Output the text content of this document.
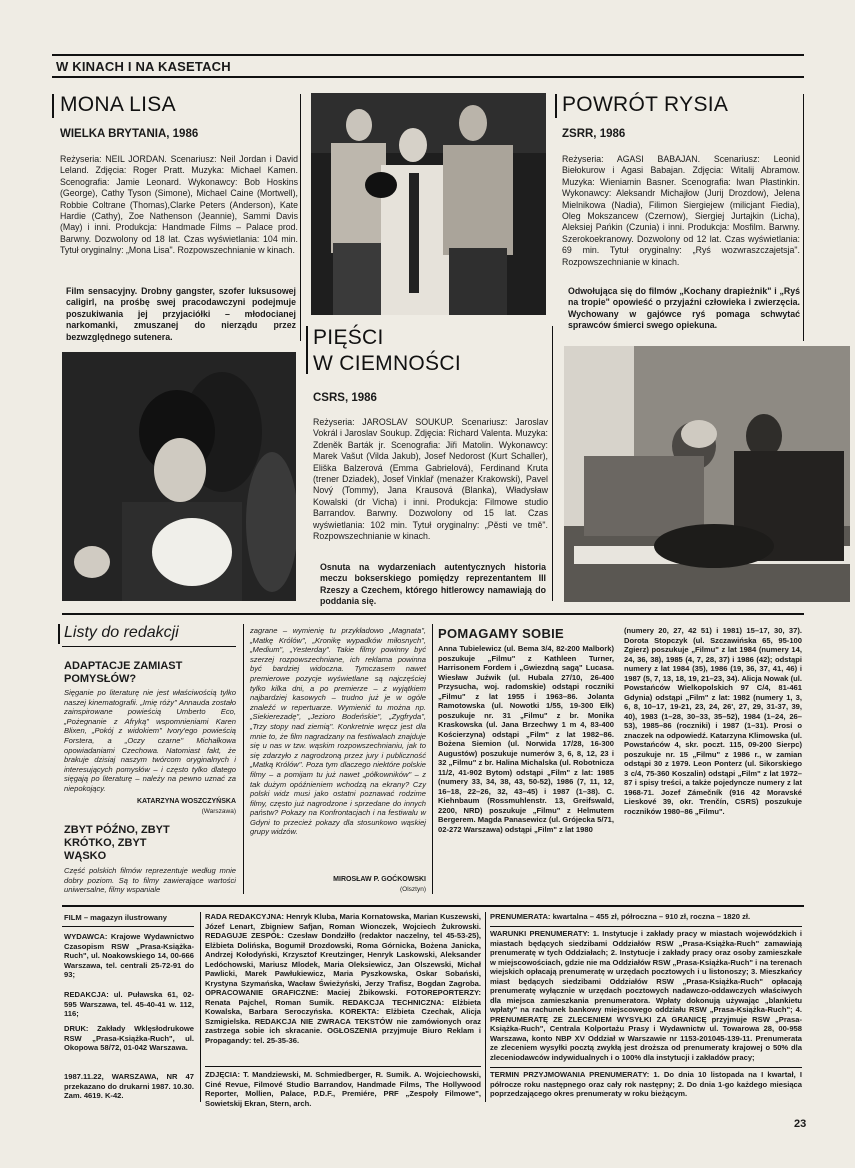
W KINACH I NA KASETACH
MONA LISA
WIELKA BRYTANIA, 1986
Reżyseria: NEIL JORDAN. Scenariusz: Neil Jordan i David Leland. Zdjęcia: Roger Pratt. Muzyka: Michael Kamen. Scenografia: Jamie Leonard. Wykonawcy: Bob Hoskins (George), Cathy Tyson (Simone), Michael Caine (Mortwell), Robbie Coltrane (Thomas),Clarke Peters (Anderson), Kate Hardie (Cathy), Zoe Nathenson (Jeannie), Sammi Davis (May) i inni. Produkcja: Handmade Films – Palace prod. Barwny. Dozwolony od 18 lat. Czas wyświetlania: 104 min. Tytuł oryginalny: „Mona Lisa". Rozpowszechnianie w kinach.
Film sensacyjny. Drobny gangster, szofer luksusowej caligirl, na prośbę swej pracodawczyni podejmuje poszukiwania jej przyjaciółki – młodocianej narkomanki, zmuszanej do nierządu przez bezwzględnego sutenera.	PIĘŚCI
W CIEMNOŚCI
CSRS, 1986
Reżyseria: JAROSLAV SOUKUP. Scenariusz: Jaroslav Vokrál i Jaroslav Soukup. Zdjęcia: Richard Valenta. Muzyka: Zdeněk Barták jr. Scenografia: Jiři Matolin. Wykonawcy: Marek Vašut (Vilda Jakub), Josef Nedorost (Kurt Schaller), Eliška Balzerová (Emma Gabrielová), Ferdinand Kruta (trener Dziadek), Josef Vinklař (menażer Krakowski), Pavel Nový (Tommy), Jana Krausová (Blanka), Władysław Kowalski (dr Vicha) i inni. Produkcja: Filmowe studio Barrandov. Barwny. Dozwolony od 15 lat. Czas wyświetlania: 102 min. Tytuł oryginalny: „Pěsti ve tmě". Rozpowszechnianie w kinach.
Osnuta na wydarzeniach autentycznych historia meczu bokserskiego pomiędzy reprezentantem III Rzeszy a Czechem, którego hitlerowcy namawiają do poddania się.
POWRÓT RYSIA
ZSRR, 1986
Reżyseria: AGASI BABAJAN. Scenariusz: Leonid Biełokurow i Agasi Babajan. Zdjęcia: Witalij Abramow. Muzyka: Wieniamin Basner. Scenografia: Iwan Płastinkin. Wykonawcy: Aleksandr Michajłow (Jurij Drozdow), Jelena Mielnikowa (Nadia), Filimon Siergiejew (milicjant Fiedia), Oleg Mokszancew (Czernow), Siergiej Jurtajkin (Licha), Aleksiej Pańkin (Czunia) i inni. Produkcja: Mosfilm. Barwny. Szerokoekranowy. Dozwolony od 12 lat. Czas wyświetlania: 69 min. Tytuł oryginalny: „Ryś wozwraszczajetsja". Rozpowszechnianie w kinach.
Odwołująca się do filmów „Kochany drapieżnik" i „Ryś na tropie" opowieść o przyjaźni człowieka i zwierzęcia. Wychowany w gajówce ryś pomaga schwytać sprawców śmierci swego opiekuna.
Listy do redakcji
ADAPTACJE ZAMIAST POMYSŁÓW?
Sięganie po literaturę nie jest właściwością tylko naszej kinematografii. „Imię róży" Annauda zostało zainspirowane powieścią Umberto Eco, „Pożegnanie z Afryką" wspomnieniami Karen Blixen, „Pokój z widokiem" Ivory'ego powieścią Forstera, a „Oczy czarne" Michałkowa opowiadaniami Czechowa. Natomiast fakt, że brakuje dzisiaj naszym twórcom oryginalnych i interesujących pomysłów – i często tylko dlatego sięgają po literaturę – należy na pewno uznać za niepokojący.
KATARZYNA WOSZCZYŃSKA
(Warszawa)
ZBYT PÓŹNO, ZBYT KRÓTKO, ZBYT WĄSKO
Część polskich filmów reprezentuje według mnie dobry poziom. Są to filmy zawierające wartości uniwersalne, filmy wspaniale
zagrane – wymienię tu przykładowo „Magnata", „Matkę Królów", „Kronikę wypadków miłosnych", „Medium", „Yesterday". Takie filmy powinny być szerzej rozpowszechniane, ich reklama powinna być bardziej widoczna. Tymczasem nawet premierowe pozycje wyświetlane są najczęściej tylko kilka dni, a po premierze – z wyjątkiem najbardziej kasowych – trudno już je w ogóle znaleźć w repertuarze. Wymienić tu można np. „Siekierezadę", „Jezioro Bodeńskie", „Zygfryda", „Trzy stopy nad ziemią". Konkretnie wręcz jest dla mnie to, że film nagradzany na festiwalach znajduje się u nas w tzw. wąskim rozpowszechnianiu, jak to się zdarzyło z nagrodzoną przez jury i publiczność „Matką Królów". Poza tym dlaczego niektóre polskie filmy – a pomijam tu już nawet „półkowników" – z tak dużym opóźnieniem wchodzą na ekrany? Czy polski widz musi jako ostatni poznawać rodzime filmy, często już nagrodzone i sprzedane do innych państw? Pokazy na Konfrontacjach i na festiwalu w Gdyni to przecież pokazy dla stosunkowo wąskiej grupy widzów.
MIROSŁAW P. GOĆKOWSKI
(Olsztyn)
POMAGAMY SOBIE
Anna Tubielewicz (ul. Bema 3/4, 82-200 Malbork) poszukuje „Filmu" z Kathleen Turner, Harrisonem Fordem i „Gwiezdną sagą" Lucasa. Wiesław Juźwik (ul. Hubala 27/10, 26-400 Przysucha, woj. radomskie) odstąpi roczniki „Filmu" z lat 1955 i 1963–86. Jolanta Ramotowska (ul. Nowotki 1/55, 19-300 Ełk) poszukuje nr. 31 „Filmu" z br. Monika Kraskowska (ul. Jana Brzechwy 1 m 4, 83-400 Kościerzyna) odstąpi „Film" z lat 1982–86. Bożena Siemion (ul. Norwida 17/28, 16-300 Augustów) poszukuje numerów 3, 6, 8, 12, 23 i 32 „Filmu" z br. Halina Michalska (ul. Robotnicza 11/2, 41-902 Bytom) odstąpi „Film" z lat: 1985 (numery 33, 34, 38, 43, 50-52), 1986 (7, 11, 12, 16–18, 22–26, 32, 43–45) i 1987 (1–38). C. Kiehnbaum (Rossmuhlenstr. 13, Greifswald, 2200, NRD) poszukuje „Filmu" z Helmutem Bergerem. Magda Panasewicz (ul. Grójecka 5/71, 02-272 Warszawa) odstąpi „Film" z lat 1980
(numery 20, 27, 42 51) i 1981) 15–17, 30, 37). Dorota Stopczyk (ul. Szczawińska 65, 95-100 Zgierz) poszukuje „Filmu" z lat 1984 (numery 14, 24, 36, 38), 1985 (4, 7, 28, 37) i 1986 (42); odstąpi numery z lat 1984 (35), 1986 (19, 36, 37, 41, 46) i 1987 (5, 7, 13, 18, 19, 21–23, 34). Alicja Nowak (ul. Powstańców Wielkopolskich 97 C/4, 81-461 Gdynia) odstąpi „Film" z lat: 1982 (numery 1, 3, 6, 8, 10–17, 19-21, 23, 24, 26', 27, 29, 31-37, 39, 40), 1983 (1–28, 30–33, 35–52), 1984 (1–24, 26–53), 1985–86 (roczniki) i 1987 (1–31). Prosi o znaczek na odpowiedź. Katarzyna Klimowska (ul. Powstańców 4, skr. poczt. 115, 09-200 Sierpc) poszukuje nr. 15 „Filmu" z 1986 r., w zamian odstąpi 30 z 1979. Leon Ponterz (ul. Sikorskiego 3 c/4, 75-360 Koszalin) odstąpi „Film" z lat 1972–87 i spisy treści, a także pojedyncze numery z lat 1968-71. Jozef Zámečník (916 42 Moravské Lieskové 39, okr. Trenčín, CSRS) poszukuje roczników 1980–86 „Filmu".
FILM – magazyn ilustrowany
WYDAWCA: Krajowe Wydawnictwo Czasopism RSW „Prasa-Książka-Ruch", ul. Noakowskiego 14, 00-666 Warszawa, tel. centrali 25-72-91 do 93;
REDAKCJA: ul. Puławska 61, 02-595 Warszawa, tel. 45-40-41 w. 112, 116;
DRUK: Zakłady Wklęsłodrukowe RSW „Prasa-Książka-Ruch", ul. Okopowa 58/72, 01-042 Warszawa.
1987.11.22, WARSZAWA, NR 47 przekazano do drukarni 1987. 10.30. Zam. 4619. K-42.
RADA REDAKCYJNA: Henryk Kluba, Maria Kornatowska, Marian Kuszewski, Józef Lenart, Zbigniew Safjan, Roman Wionczek, Wojciech Żukrowski. REDAGUJE ZESPÓŁ: Czesław Dondziłło (redaktor naczelny, tel 45-53-25), Elżbieta Dolińska, Bogumił Drozdowski, Roma Górnicka, Bożena Janicka, Andrzej Kołodyński, Krzysztof Kreutzinger, Henryk Laskowski, Aleksander Ledóchowski, Mariusz Mlodek, Maria Oleksiewicz, Jan Olszewski, Michał Pawlicki, Marek Pawłukiewicz, Maria Pyszkowska, Oskar Sobański, Krystyna Szymańska, Wacław Świeżyński, Jerzy Trafisz, Bogdan Zagroba. OPRACOWANIE GRAFICZNE: Maciej Żbikowski. FOTOREPORTERZY: Renata Pajchel, Roman Sumik. REDAKCJA TECHNICZNA: Elżbieta Kowalska, Barbara Seroczyńska. KOREKTA: Elżbieta Czechak, Alicja Szmigielska. REDAKCJA NIE ZWRACA TEKSTÓW nie zamówionych oraz zastrzega sobie ich skracanie. OGŁOSZENIA przyjmuje Biuro Reklam i Propagandy: tel. 25-35-36.
ZDJĘCIA: T. Mandziewski, M. Schmiedberger, R. Sumik. A. Wojciechowski, Ciné Revue, Filmové Studio Barrandov, Handmade Films, The Hollywood Reporter, Mollien, Palace, P.D.F., Premiére, PRF „Zespoły Filmowe", Sowietskij Ekran, Stern, arch.
PRENUMERATA: kwartalna – 455 zł, półroczna – 910 zł, roczna – 1820 zł.
WARUNKI PRENUMERATY: 1. Instytucje i zakłady pracy w miastach wojewódzkich i miastach będących siedzibami Oddziałów RSW „Prasa-Książka-Ruch" zamawiają prenumeratę w tych Oddziałach; 2. Instytucje i zakłady pracy oraz osoby zamieszkałe w miejscowościach, gdzie nie ma Oddziałów RSW „Prasa-Książka-Ruch" i na terenach wiejskich opłacają prenumeratę w urzędach pocztowych i u listonoszy; 3. Mieszkańcy miast będących siedzibami Oddziałów RSW „Prasa-Książka-Ruch" opłacają prenumeratę wyłącznie w urzędach pocztowych nadawczo-oddawczych właściwych dla miejsca zamieszkania prenumeratora. Wpłaty dokonują używając „blankietu wpłaty" na rachunek bankowy miejscowego oddziału RSW „Prasa-Książka-Ruch"; 4. PRENUMERATĘ ZE ZLECENIEM WYSYŁKI ZA GRANICĘ przyjmuje RSW „Prasa-Książka-Ruch", Centrala Kolportażu Prasy i Wydawnictw ul. Towarowa 28, 00-958 Warszawa, konto NBP XV Oddział w Warszawie nr 1153-201045-139-11. Prenumerata ze zleceniem wysyłki pocztą zwykłą jest droższa od prenumeraty krajowej o 50% dla zleceniodawców indywidualnych i o 100% dla instytucji i zakładów pracy;
TERMIN PRZYJMOWANIA PRENUMERATY: 1. Do dnia 10 listopada na I kwartał, I półrocze roku następnego oraz cały rok następny; 2. Do dnia 1-go każdego miesiąca poprzedzającego okres prenumeraty w roku bieżącym.
23
